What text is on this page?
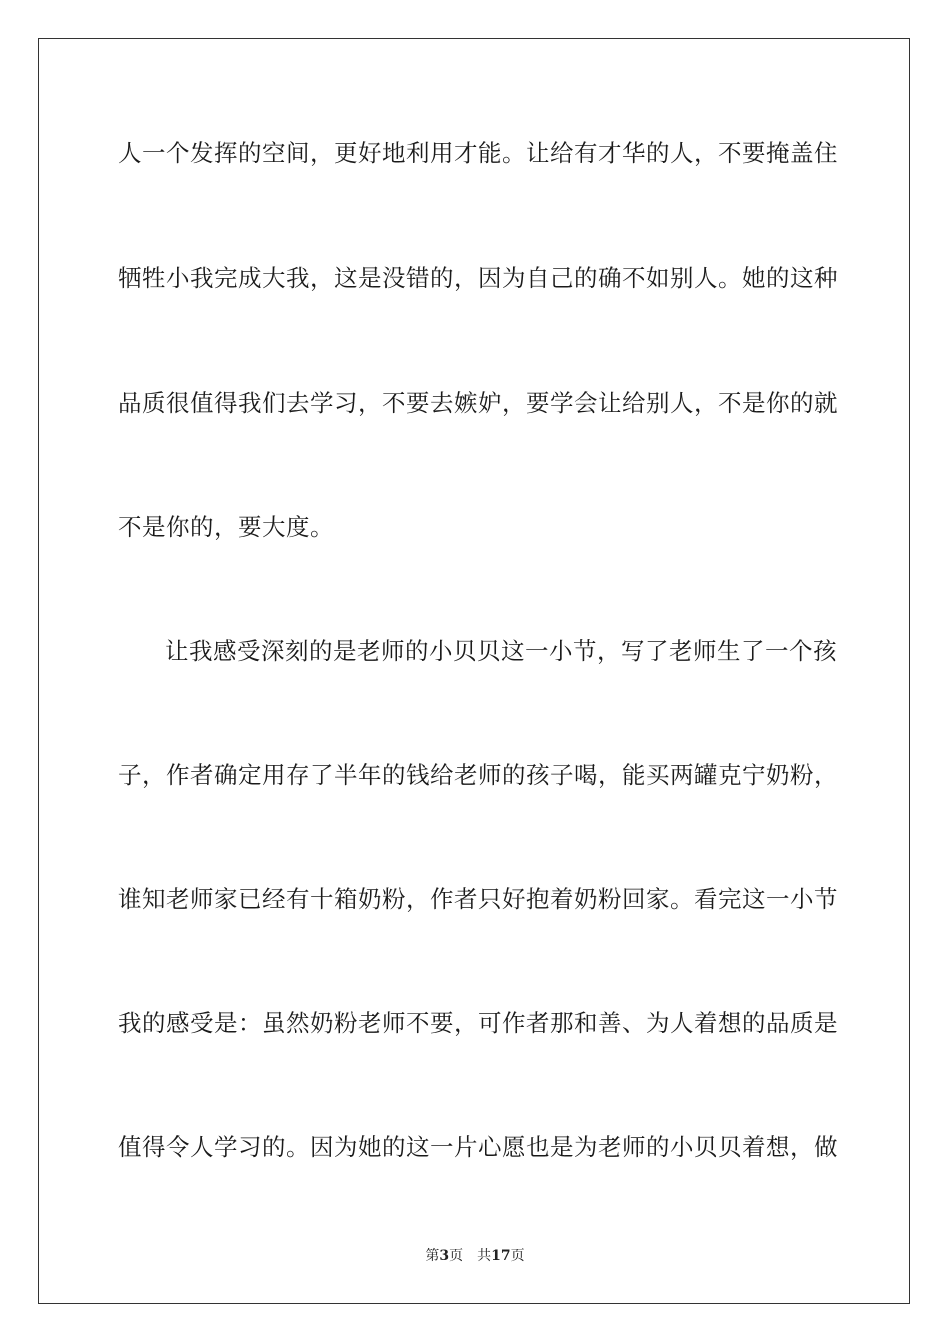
人一个发挥的空间，更好地利用才能。让给有才华的人，不要掩盖住
牺牲小我完成大我，这是没错的，因为自己的确不如别人。她的这种
品质很值得我们去学习，不要去嫉妒，要学会让给别人，不是你的就
不是你的，要大度。
让我感受深刻的是老师的小贝贝这一小节，写了老师生了一个孩
子，作者确定用存了半年的钱给老师的孩子喝，能买两罐克宁奶粉，
谁知老师家已经有十箱奶粉，作者只好抱着奶粉回家。看完这一小节
我的感受是：虽然奶粉老师不要，可作者那和善、为人着想的品质是
值得令人学习的。因为她的这一片心愿也是为老师的小贝贝着想，做
第3页 共17页
